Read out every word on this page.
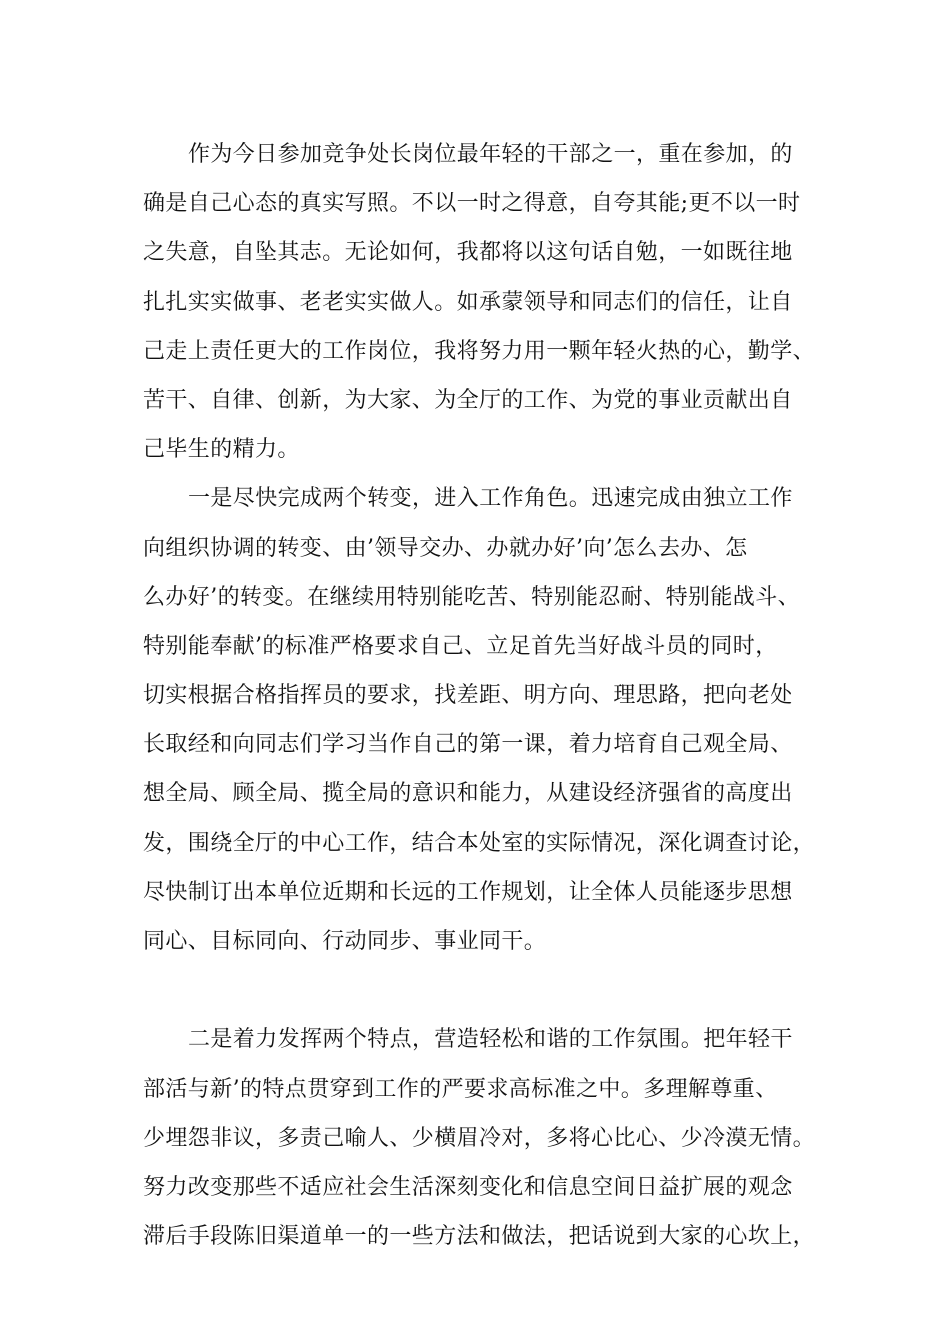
作为今日参加竞争处长岗位最年轻的干部之一，重在参加，的
确是自己心态的真实写照。不以一时之得意，自夸其能;更不以一时
之失意，自坠其志。无论如何，我都将以这句话自勉，一如既往地
扎扎实实做事、老老实实做人。如承蒙领导和同志们的信任，让自
己走上责任更大的工作岗位，我将努力用一颗年轻火热的心，勤学、
苦干、自律、创新，为大家、为全厅的工作、为党的事业贡献出自
己毕生的精力。
一是尽快完成两个转变，进入工作角色。迅速完成由独立工作
向组织协调的转变、由’领导交办、办就办好’向’怎么去办、怎
么办好’的转变。在继续用特别能吃苦、特别能忍耐、特别能战斗、
特别能奉献’的标准严格要求自己、立足首先当好战斗员的同时，
切实根据合格指挥员的要求，找差距、明方向、理思路，把向老处
长取经和向同志们学习当作自己的第一课，着力培育自己观全局、
想全局、顾全局、揽全局的意识和能力，从建设经济强省的高度出
发，围绕全厅的中心工作，结合本处室的实际情况，深化调查讨论，
尽快制订出本单位近期和长远的工作规划，让全体人员能逐步思想
同心、目标同向、行动同步、事业同干。
二是着力发挥两个特点，营造轻松和谐的工作氛围。把年轻干
部活与新’的特点贯穿到工作的严要求高标准之中。多理解尊重、
少埋怨非议，多责己喻人、少横眉冷对，多将心比心、少冷漠无情。
努力改变那些不适应社会生活深刻变化和信息空间日益扩展的观念
滞后手段陈旧渠道单一的一些方法和做法，把话说到大家的心坎上，
